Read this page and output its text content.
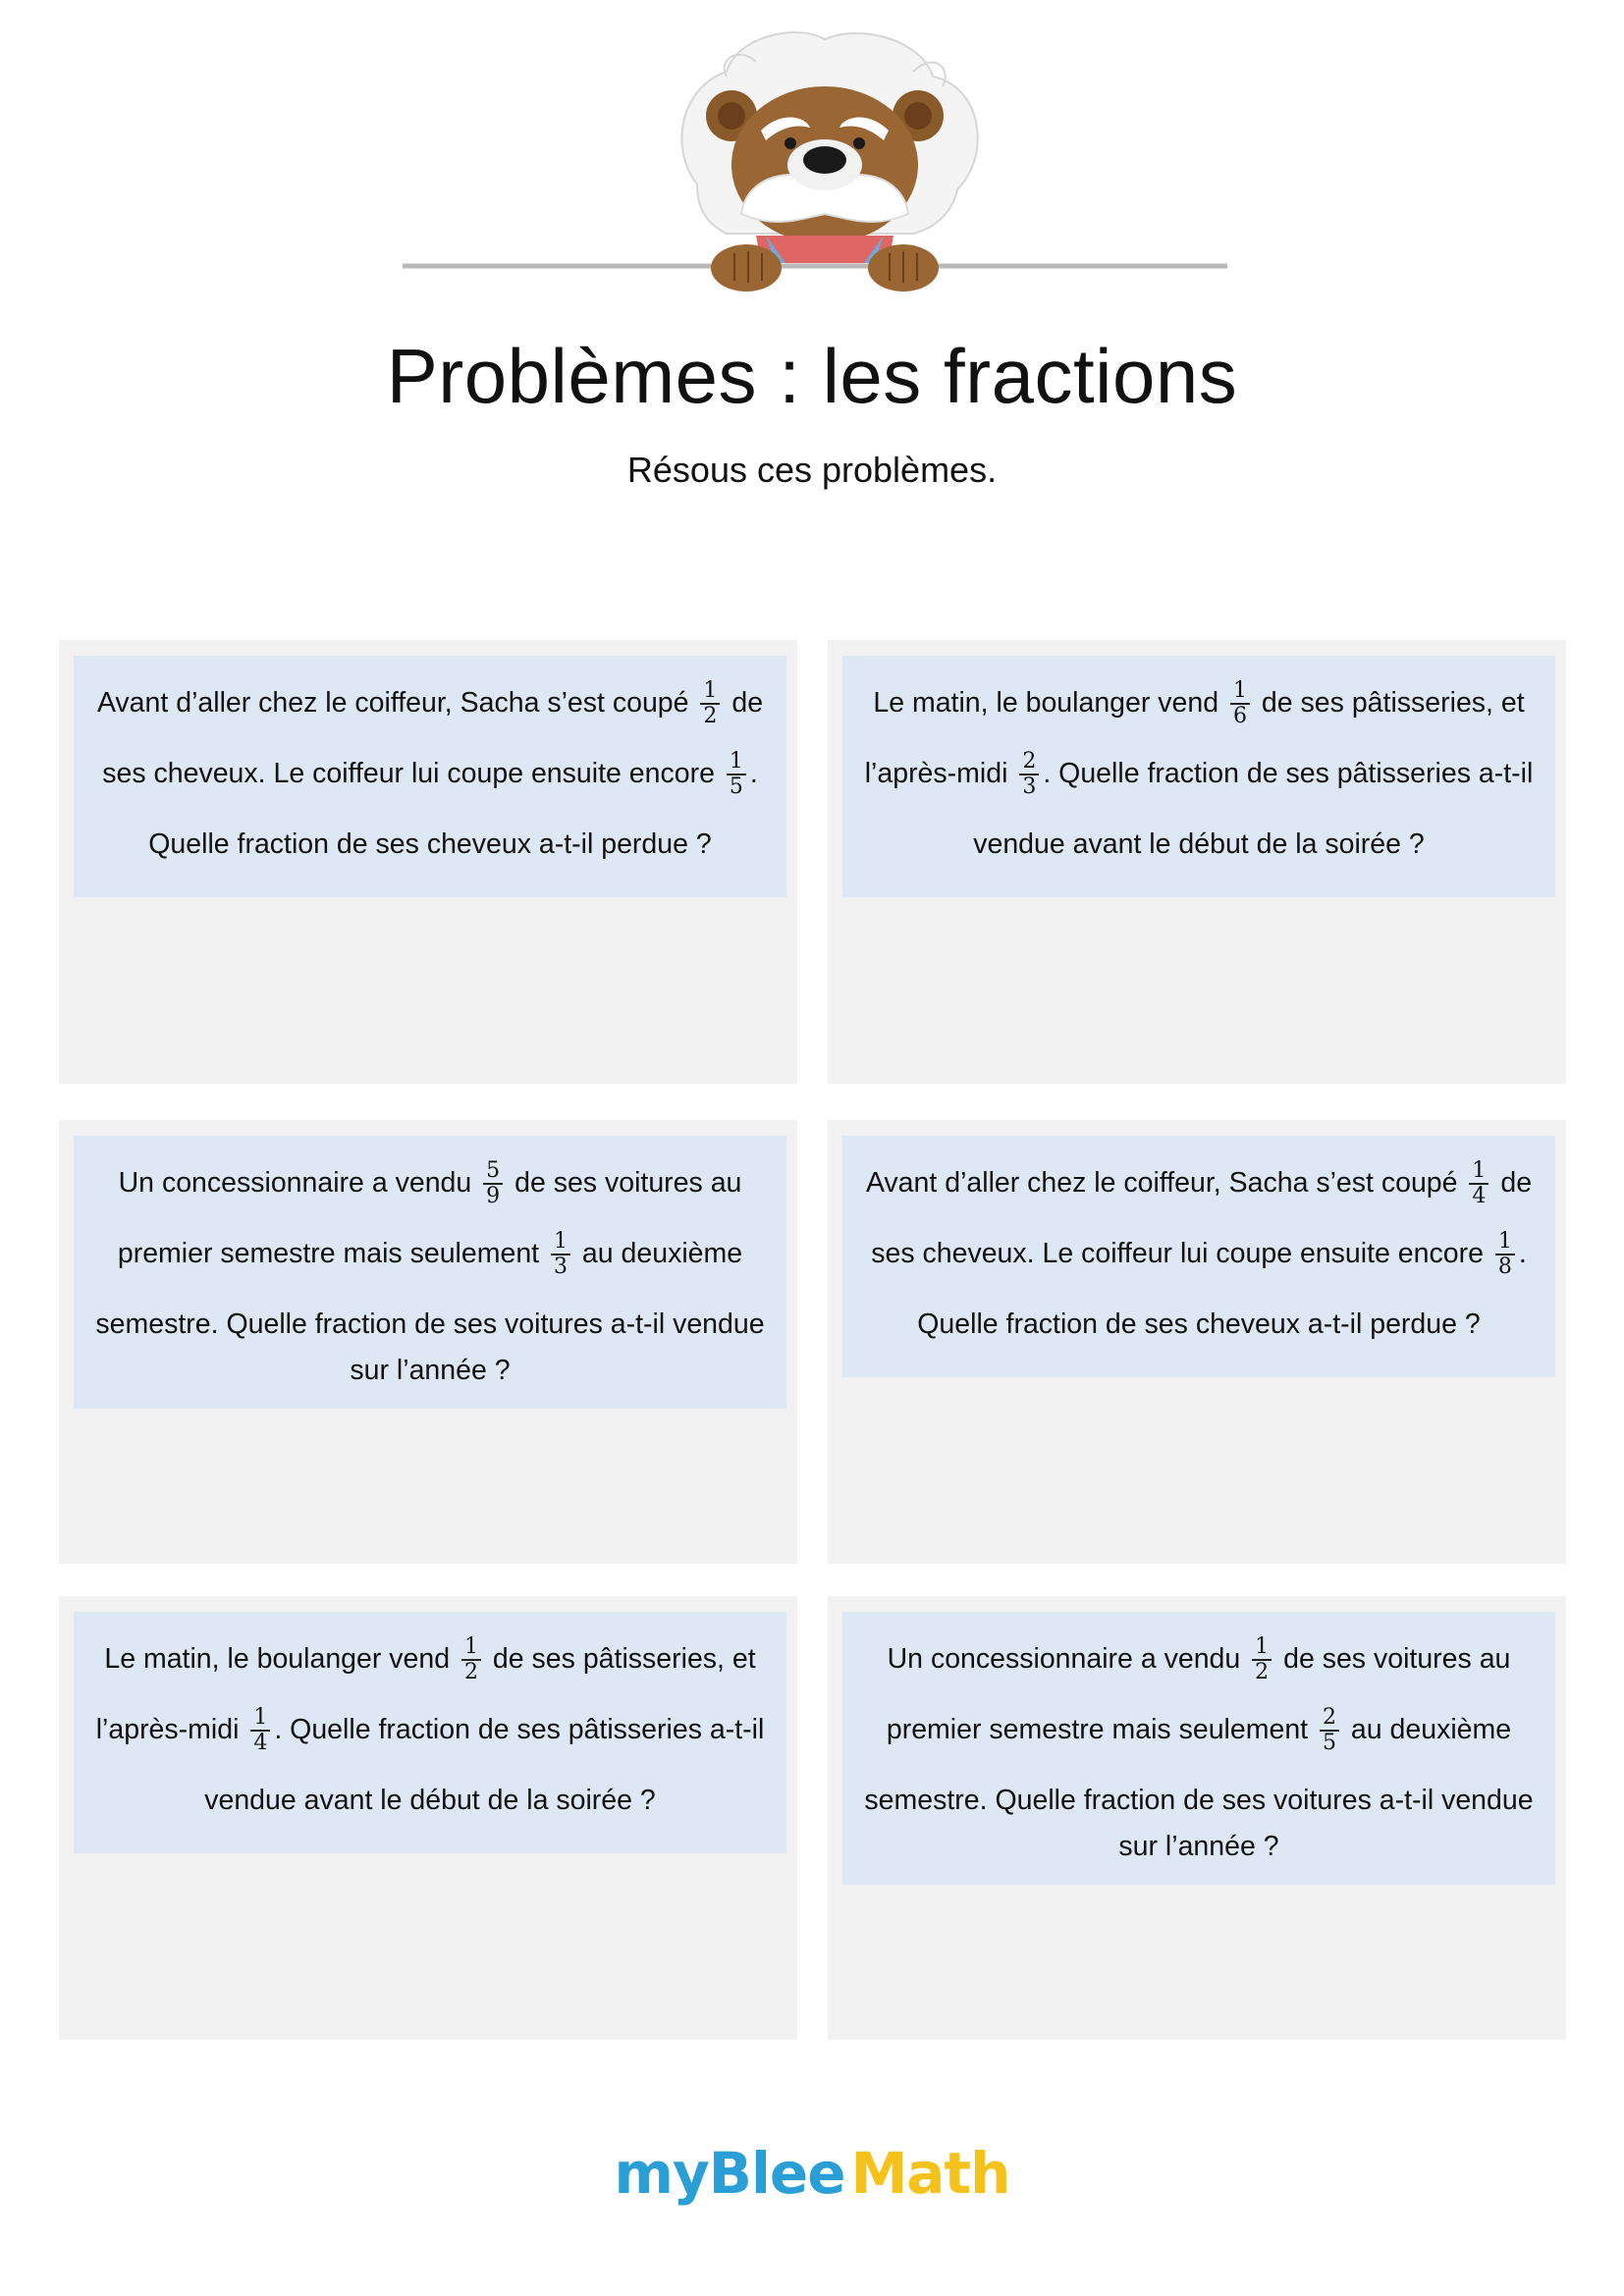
Problèmes : les fractions

Résous ces problèmes.

Avant d’aller chez le coiffeur, Sacha s’est coupé $\frac{1}{2}$ de
ses cheveux. Le coiffeur lui coupe ensuite encore $\frac{1}{5}$ .
Quelle fraction de ses cheveux a-t-il perdue ?
Le matin, le boulanger vend $\frac{1}{6}$ de ses pâtisseries, et
l’après-midi $\frac{2}{3}$ . Quelle fraction de ses pâtisseries a-t-il
vendue avant le début de la soirée ?
Un concessionnaire a vendu $\frac{5}{9}$ de ses voitures au
premier semestre mais seulement $\frac{1}{3}$ au deuxième
semestre. Quelle fraction de ses voitures a-t-il vendue
sur l’année ?
Avant d’aller chez le coiffeur, Sacha s’est coupé $\frac{1}{4}$ de
ses cheveux. Le coiffeur lui coupe ensuite encore $\frac{1}{8}$ .
Quelle fraction de ses cheveux a-t-il perdue ?
Le matin, le boulanger vend $\frac{1}{2}$ de ses pâtisseries, et
l’après-midi $\frac{1}{4}$ . Quelle fraction de ses pâtisseries a-t-il
vendue avant le début de la soirée ?
Un concessionnaire a vendu $\frac{1}{2}$ de ses voitures au
premier semestre mais seulement $\frac{2}{5}$ au deuxième
semestre. Quelle fraction de ses voitures a-t-il vendue
sur l’année ?
myBlee Math
